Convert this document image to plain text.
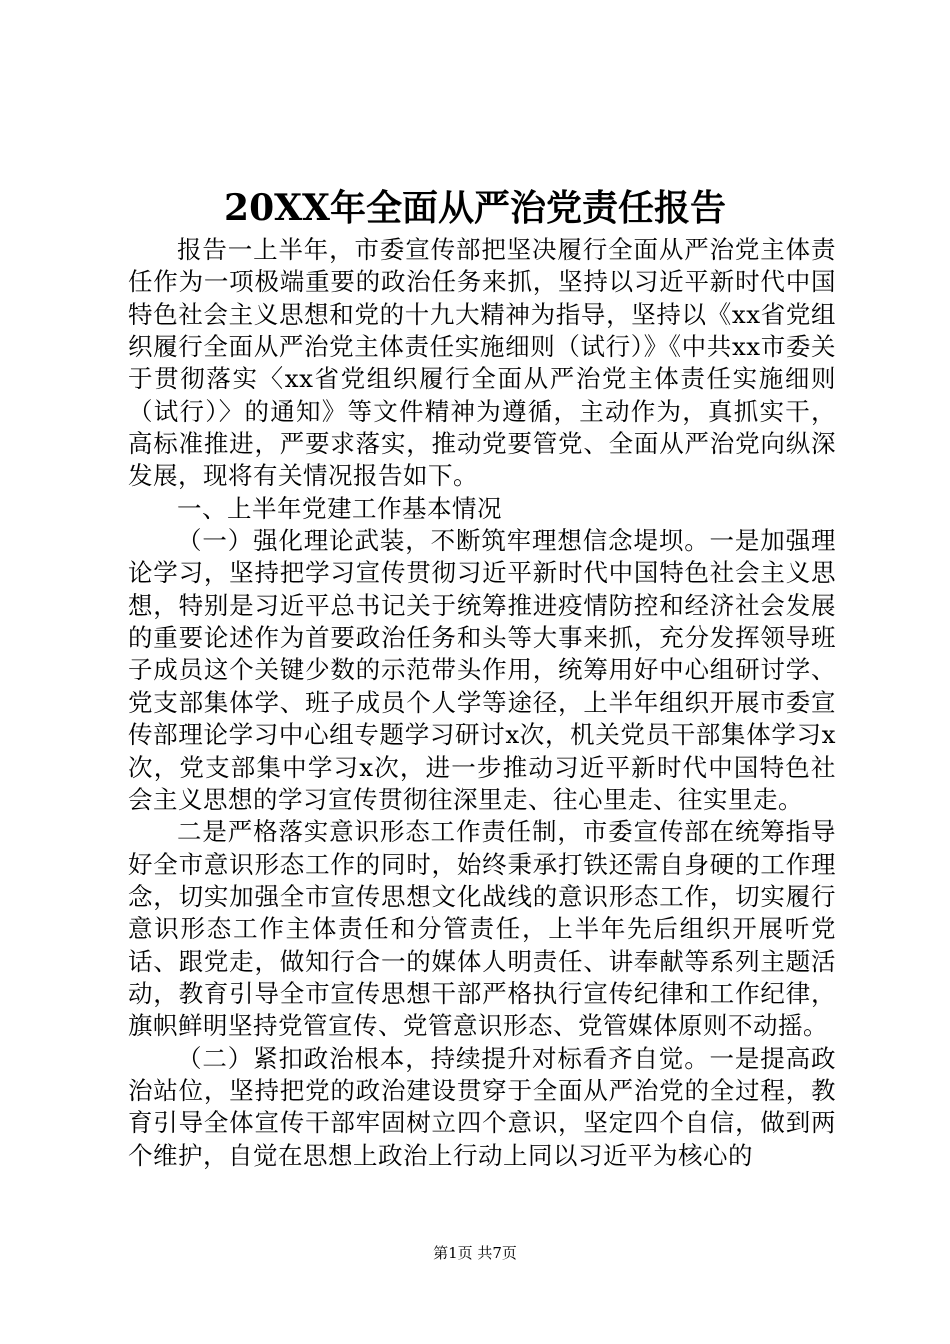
20XX年全面从严治党责任报告

报告一上半年，市委宣传部把坚决履行全面从严治党主体责任作为一项极端重要的政治任务来抓，坚持以习近平新时代中国特色社会主义思想和党的十九大精神为指导，坚持以《xx省党组织履行全面从严治党主体责任实施细则（试行）》《中共xx市委关于贯彻落实〈xx省党组织履行全面从严治党主体责任实施细则（试行）〉的通知》等文件精神为遵循，主动作为，真抓实干，高标准推进，严要求落实，推动党要管党、全面从严治党向纵深发展，现将有关情况报告如下。

一、上半年党建工作基本情况

（一）强化理论武装，不断筑牢理想信念堤坝。一是加强理论学习，坚持把学习宣传贯彻习近平新时代中国特色社会主义思想，特别是习近平总书记关于统筹推进疫情防控和经济社会发展的重要论述作为首要政治任务和头等大事来抓，充分发挥领导班子成员这个关键少数的示范带头作用，统筹用好中心组研讨学、党支部集体学、班子成员个人学等途径，上半年组织开展市委宣传部理论学习中心组专题学习研讨x次，机关党员干部集体学习x次，党支部集中学习x次，进一步推动习近平新时代中国特色社会主义思想的学习宣传贯彻往深里走、往心里走、往实里走。

二是严格落实意识形态工作责任制，市委宣传部在统筹指导好全市意识形态工作的同时，始终秉承打铁还需自身硬的工作理念，切实加强全市宣传思想文化战线的意识形态工作，切实履行意识形态工作主体责任和分管责任，上半年先后组织开展听党话、跟党走，做知行合一的媒体人明责任、讲奉献等系列主题活动，教育引导全市宣传思想干部严格执行宣传纪律和工作纪律，旗帜鲜明坚持党管宣传、党管意识形态、党管媒体原则不动摇。

（二）紧扣政治根本，持续提升对标看齐自觉。一是提高政治站位，坚持把党的政治建设贯穿于全面从严治党的全过程，教育引导全体宣传干部牢固树立四个意识，坚定四个自信，做到两个维护，自觉在思想上政治上行动上同以习近平为核心的

第1页 共7页
